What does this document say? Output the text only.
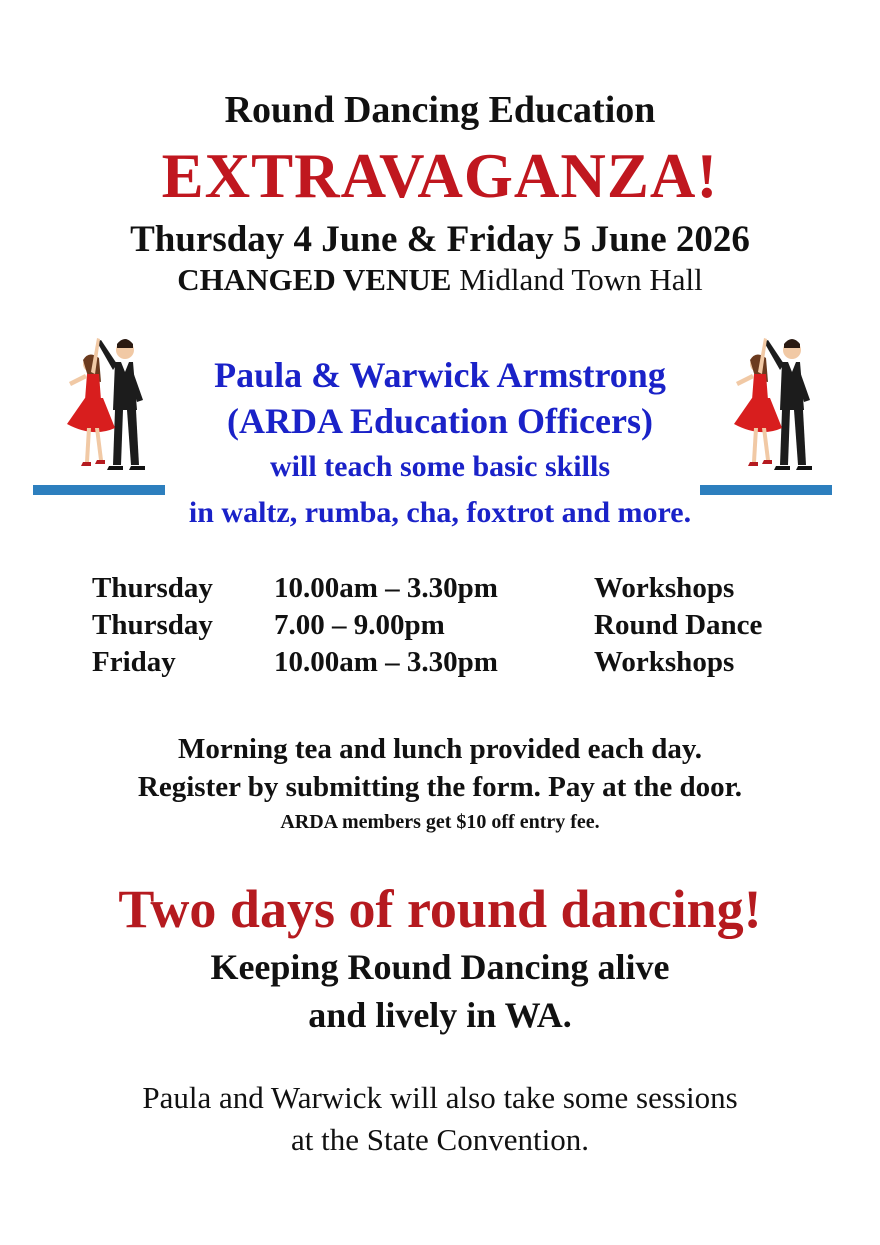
Round Dancing Education
EXTRAVAGANZA!
Thursday 4 June & Friday 5 June 2026
CHANGED VENUE Midland Town Hall
Paula & Warwick Armstrong
(ARDA Education Officers)
will teach some basic skills
in waltz, rumba, cha, foxtrot and more.
Thursday	10.00am – 3.30pm	Workshops
Thursday	7.00 – 9.00pm	Round Dance
Friday	10.00am – 3.30pm	Workshops
Morning tea and lunch provided each day.
Register by submitting the form. Pay at the door.
ARDA members get $10 off entry fee.
Two days of round dancing!
Keeping Round Dancing alive
and lively in WA.
Paula and Warwick will also take some sessions
at the State Convention.
